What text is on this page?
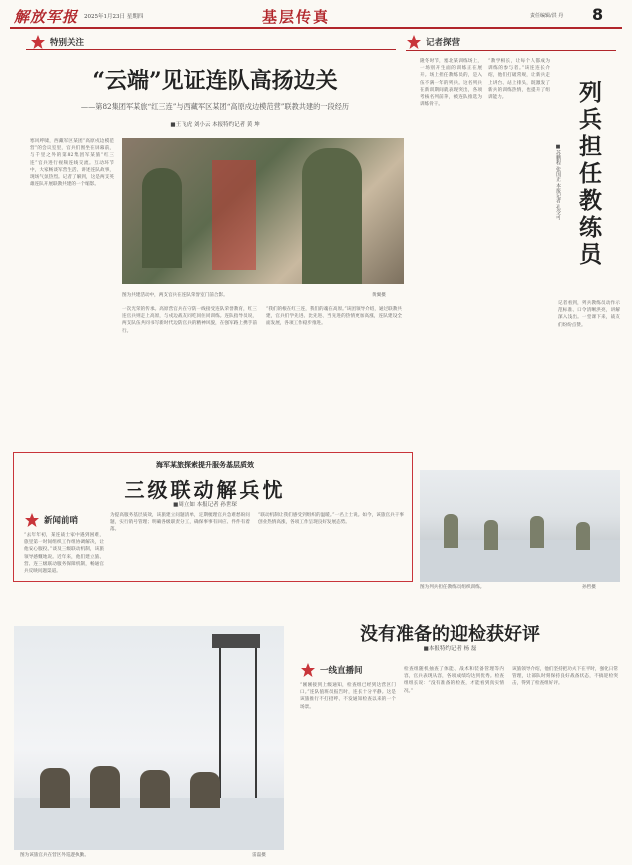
解放军报 2025年1月23日 星期四	基层传真	责任编辑/洪 丹 8
特别关注
“云端”见证连队高扬边关
——第82集团军某旅“红三连”与西藏军区某团“高原戍边模范营”联教共建的一段经历
■王飞虎 刘小云 本报特约记者 黄 坤
图为共建活动中，两支官兵在连队荣誉室门前合影。	黄翼摄
寒风呼啸，西藏军区某团“高原戍边模范营”的会议室里，官兵们围坐在屏幕前，与千里之外的第82集团军某旅“红三连”官兵进行视频连线交流。互动环节中，大家畅谈军营生活、讲述连队故事，现场气氛热烈。记者了解到，这是两支英雄连队开展联教共建的一个缩影。
一次光荣的传承。高原营官兵在守防一线接受连队荣誉教育，红三连官兵则走上高原，与戍边战友同吃同住同训练。连队指导员说，两支队伍共同书写新时代边防官兵的精神风貌，在强军路上携手前行。
“我们的根在红三连，我们的魂在高原。”该团领导介绍，通过联教共建，官兵们学先进、比先进、当先进的热情更加高涨，连队建设全面发展，各项工作稳步推进。
记者探营
列兵担任教练员
■苏鹏程 张国正 本报记者 孔令可
隆冬时节，塞北某训练场上，一场别开生面的训练正在展开。场上担任教练员的，是入伍不满一年的列兵。这名列兵在新训期间就表现突出，各项考核名列前茅，被连队推选为训练骨干。
“教学相长，让每个人都成为训练的参与者。”该连连长介绍，他们打破常规，让新兵走上讲台、站上排头，既激发了新兵的训练热情，也提升了组训能力。
记者看到，列兵教练员动作示范标准、口令清晰洪亮，讲解深入浅出。一堂课下来，战友们纷纷点赞。
图为列兵担任教练员组织训练。	孙哲摄
海军某旅探索提升服务基层质效
三级联动解兵忧
■周立如 本报记者 孙世琛
新闻前哨
“去年年初，某连战士家中遇到困难，旅里第一时间组织工作组协调解决，让他安心服役。”谈及三级联动机制，该旅领导感慨地说。近年来，他们建立旅、营、连三级联动服务保障机制，畅通官兵反映问题渠道。
为提高服务基层质效，该旅建立问题清单，定期梳理官兵急难愁盼问题，实行销号管理；明确各级职责分工，确保事事有回应、件件有着落。
“联动机制让我们感受到组织的温暖。”一名上士说。如今，该旅官兵干事创业热情高涨，各项工作呈现良好发展态势。
没有准备的迎检获好评
■本报特约记者 杨 磊
图为该旅官兵在营区外巡逻执勤。	雷磊摄
一线直播间
“刚刚接到上级通知，检查组已经到达营区门口。”连队值班员报告时，连长十分平静。这是该旅推行不打招呼、不发通知检查以来的一个场景。
检查组随机抽查了体能、战术和装备管理等内容，官兵表现从容，各项成绩均达到优秀。检查组组长说：“没有准备的检查，才能看到真实情况。”
该旅领导介绍，他们坚持把功夫下在平时，强化日常管理，让部队时刻保持良好战备状态，不搞迎检突击，得到了检查组好评。
